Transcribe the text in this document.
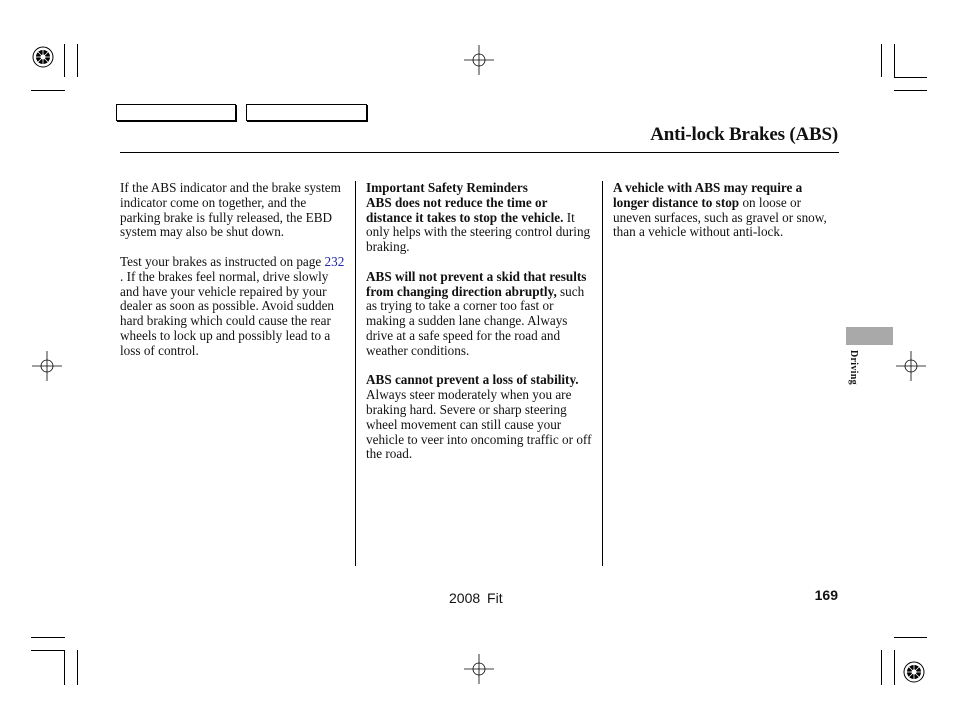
Anti-lock Brakes (ABS)

If the ABS indicator and the brake system indicator come on together, and the parking brake is fully released, the EBD system may also be shut down.

Test your brakes as instructed on page 232 . If the brakes feel normal, drive slowly and have your vehicle repaired by your dealer as soon as possible. Avoid sudden hard braking which could cause the rear wheels to lock up and possibly lead to a loss of control.

Important Safety Reminders
ABS does not reduce the time or distance it takes to stop the vehicle. It only helps with the steering control during braking.

ABS will not prevent a skid that results from changing direction abruptly, such as trying to take a corner too fast or making a sudden lane change. Always drive at a safe speed for the road and weather conditions.

ABS cannot prevent a loss of stability. Always steer moderately when you are braking hard. Severe or sharp steering wheel movement can still cause your vehicle to veer into oncoming traffic or off the road.

A vehicle with ABS may require a longer distance to stop on loose or uneven surfaces, such as gravel or snow, than a vehicle without anti-lock.

Driving
2008 Fit	169
